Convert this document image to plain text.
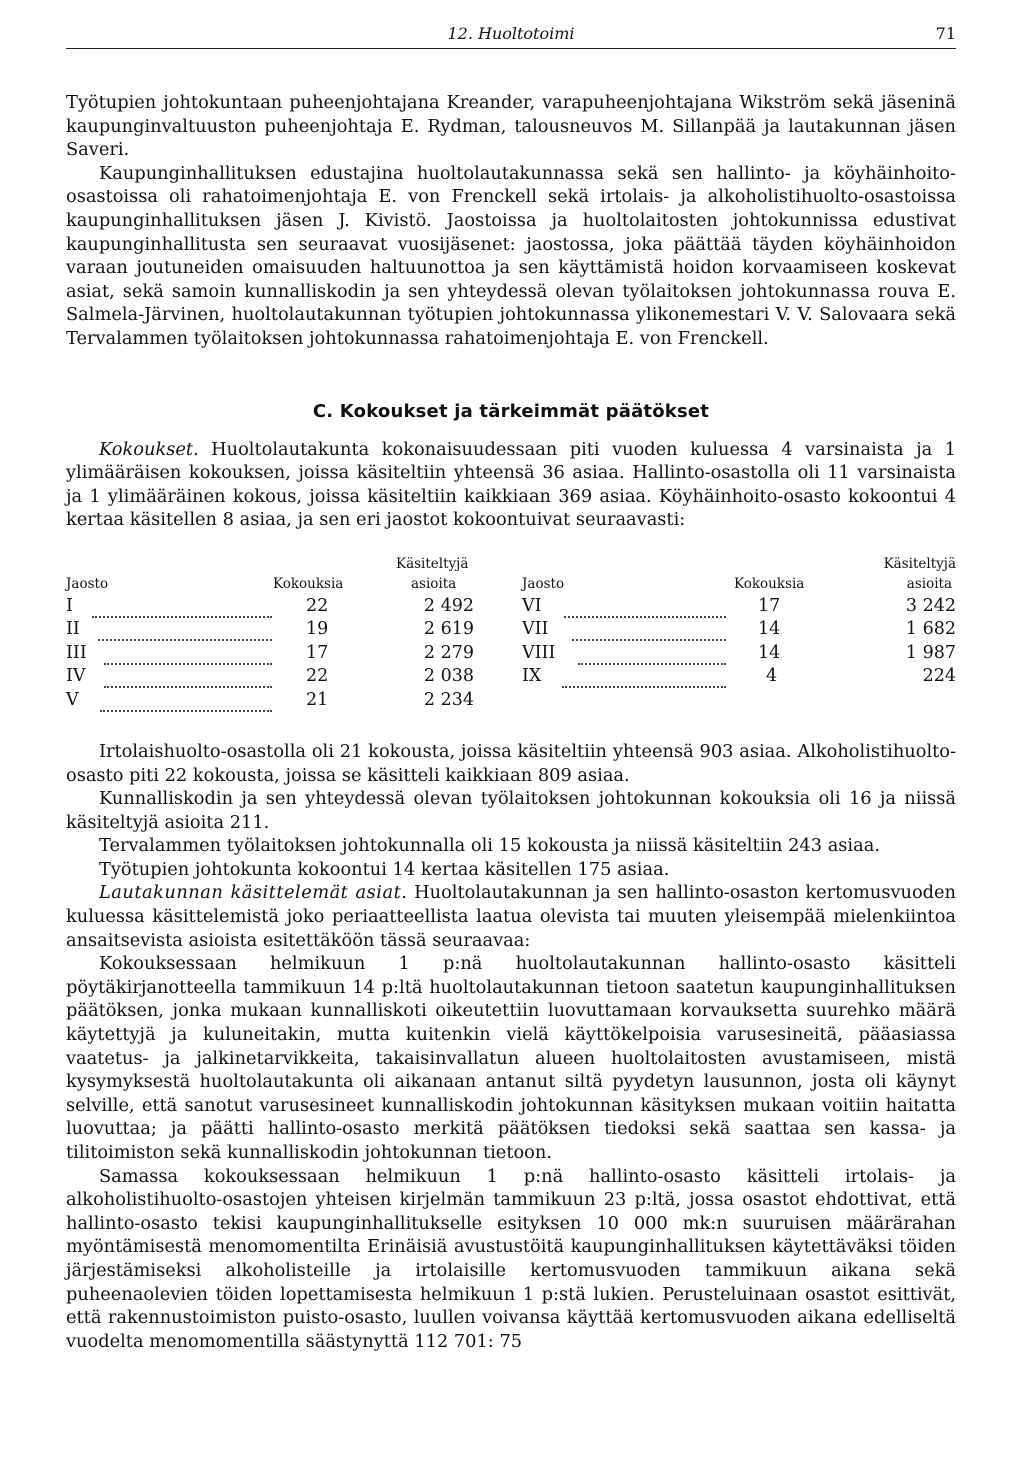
12. Huoltotoimi	71

Työtupien johtokuntaan puheenjohtajana Kreander, varapuheenjohtajana Wikström sekä jäseninä kaupunginvaltuuston puheenjohtaja E. Rydman, talousneuvos M. Sillanpää ja lautakunnan jäsen Saveri.

Kaupunginhallituksen edustajina huoltolautakunnassa sekä sen hallinto- ja köyhäinhoito-osastoissa oli rahatoimenjohtaja E. von Frenckell sekä irtolais- ja alkoholistihuolto-osastoissa kaupunginhallituksen jäsen J. Kivistö. Jaostoissa ja huoltolaitosten johtokunnissa edustivat kaupunginhallitusta sen seuraavat vuosijäsenet: jaostossa, joka päättää täyden köyhäinhoidon varaan joutuneiden omaisuuden haltuunottoa ja sen käyttämistä hoidon korvaamiseen koskevat asiat, sekä samoin kunnalliskodin ja sen yhteydessä olevan työlaitoksen johtokunnassa rouva E. Salmela-Järvinen, huoltolautakunnan työtupien johtokunnassa ylikonemestari V. V. Salovaara sekä Tervalammen työlaitoksen johtokunnassa rahatoimenjohtaja E. von Frenckell.

C. Kokoukset ja tärkeimmät päätökset

Kokoukset. Huoltolautakunta kokonaisuudessaan piti vuoden kuluessa 4 varsinaista ja 1 ylimääräisen kokouksen, joissa käsiteltiin yhteensä 36 asiaa. Hallinto-osastolla oli 11 varsinaista ja 1 ylimääräinen kokous, joissa käsiteltiin kaikkiaan 369 asiaa. Köyhäinhoito-osasto kokoontui 4 kertaa käsitellen 8 asiaa, ja sen eri jaostot kokoontuivat seuraavasti:

Jaosto	Kokouksia
Käsiteltyjä
asioita
I	22	2 492
II	19	2 619
III	17	2 279
IV	22	2 038
V	21	2 234
Jaosto	Kokouksia
Käsiteltyjä
asioita
VI	17	3 242
VII	14	1 682
VIII	14	1 987
IX	4	224

Irtolaishuolto-osastolla oli 21 kokousta, joissa käsiteltiin yhteensä 903 asiaa. Alkoholistihuolto-osasto piti 22 kokousta, joissa se käsitteli kaikkiaan 809 asiaa.

Kunnalliskodin ja sen yhteydessä olevan työlaitoksen johtokunnan kokouksia oli 16 ja niissä käsiteltyjä asioita 211.

Tervalammen työlaitoksen johtokunnalla oli 15 kokousta ja niissä käsiteltiin 243 asiaa.

Työtupien johtokunta kokoontui 14 kertaa käsitellen 175 asiaa.

Lautakunnan käsittelemät asiat. Huoltolautakunnan ja sen hallinto-osaston kertomusvuoden kuluessa käsittelemistä joko periaatteellista laatua olevista tai muuten yleisempää mielenkiintoa ansaitsevista asioista esitettäköön tässä seuraavaa:

Kokouksessaan helmikuun 1 p:nä huoltolautakunnan hallinto-osasto käsitteli pöytäkirjanotteella tammikuun 14 p:ltä huoltolautakunnan tietoon saatetun kaupunginhallituksen päätöksen, jonka mukaan kunnalliskoti oikeutettiin luovuttamaan korvauksetta suurehko määrä käytettyjä ja kuluneitakin, mutta kuitenkin vielä käyttökelpoisia varusesineitä, pääasiassa vaatetus- ja jalkinetarvikkeita, takaisinvallatun alueen huoltolaitosten avustamiseen, mistä kysymyksestä huoltolautakunta oli aikanaan antanut siltä pyydetyn lausunnon, josta oli käynyt selville, että sanotut varusesineet kunnalliskodin johtokunnan käsityksen mukaan voitiin haitatta luovuttaa; ja päätti hallinto-osasto merkitä päätöksen tiedoksi sekä saattaa sen kassa- ja tilitoimiston sekä kunnalliskodin johtokunnan tietoon.

Samassa kokouksessaan helmikuun 1 p:nä hallinto-osasto käsitteli irtolais- ja alkoholistihuolto-osastojen yhteisen kirjelmän tammikuun 23 p:ltä, jossa osastot ehdottivat, että hallinto-osasto tekisi kaupunginhallitukselle esityksen 10 000 mk:n suuruisen määrärahan myöntämisestä menomomentilta Erinäisiä avustustöitä kaupunginhallituksen käytettäväksi töiden järjestämiseksi alkoholisteille ja irtolaisille kertomusvuoden tammikuun aikana sekä puheenaolevien töiden lopettamisesta helmikuun 1 p:stä lukien. Perusteluinaan osastot esittivät, että rakennustoimiston puisto-osasto, luullen voivansa käyttää kertomusvuoden aikana edelliseltä vuodelta menomomentilla säästynyttä 112 701: 75
